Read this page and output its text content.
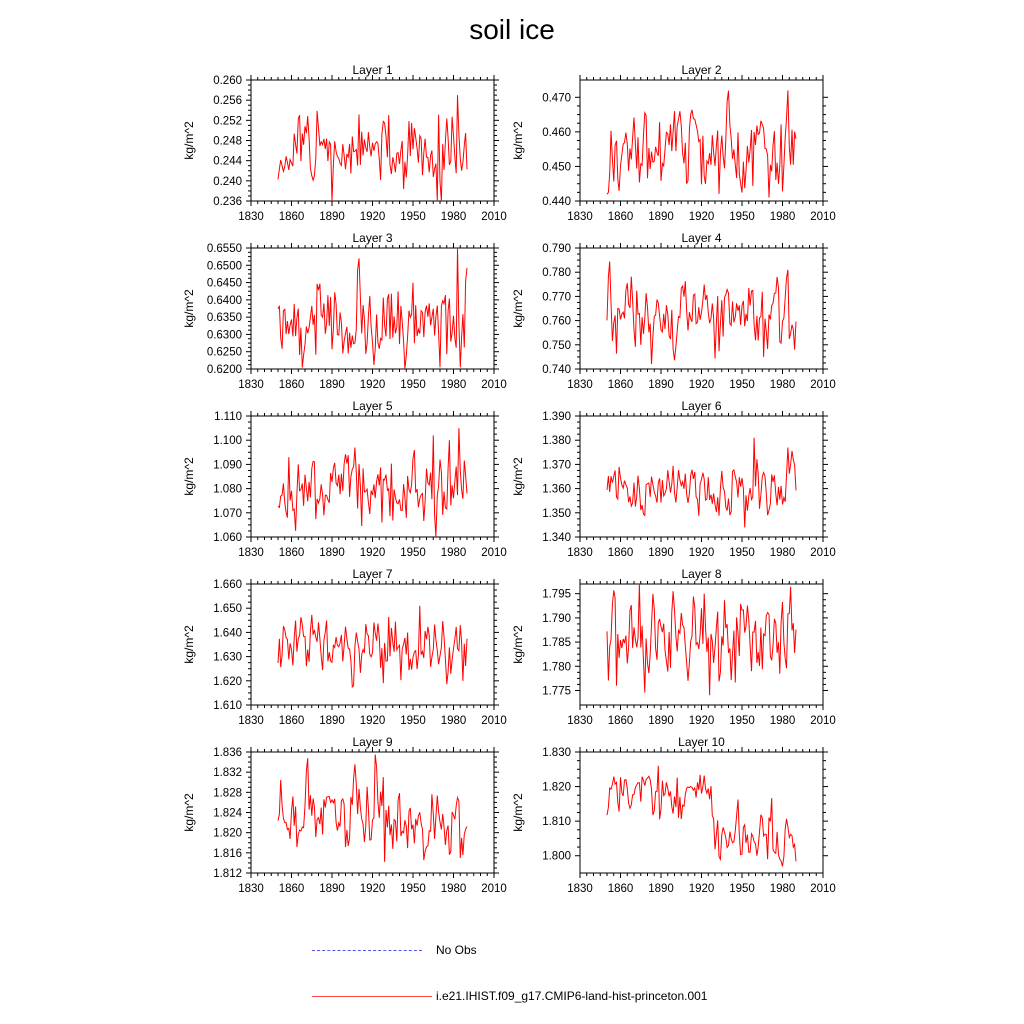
soil ice
Layer 1
kg/m^2
1830 1860 1890 1920 1950 1980 2010
0.236
0.240
0.244
0.248
0.252
0.256
0.260
Layer 2
kg/m^2
1830 1860 1890 1920 1950 1980 2010
0.440
0.450
0.460
0.470
Layer 3
kg/m^2
1830 1860 1890 1920 1950 1980 2010
0.6200
0.6250
0.6300
0.6350
0.6400
0.6450
0.6500
0.6550
Layer 4
kg/m^2
1830 1860 1890 1920 1950 1980 2010
0.740
0.750
0.760
0.770
0.780
0.790
Layer 5
kg/m^2
1830 1860 1890 1920 1950 1980 2010
1.060
1.070
1.080
1.090
1.100
1.110
Layer 6
kg/m^2
1830 1860 1890 1920 1950 1980 2010
1.340
1.350
1.360
1.370
1.380
1.390
Layer 7
kg/m^2
1830 1860 1890 1920 1950 1980 2010
1.610
1.620
1.630
1.640
1.650
1.660
Layer 8
kg/m^2
1830 1860 1890 1920 1950 1980 2010
1.775
1.780
1.785
1.790
1.795
Layer 9
kg/m^2
1830 1860 1890 1920 1950 1980 2010
1.812
1.816
1.820
1.824
1.828
1.832
1.836
Layer 10
kg/m^2
1830 1860 1890 1920 1950 1980 2010
1.800
1.810
1.820
1.830
No Obs
i.e21.IHIST.f09_g17.CMIP6-land-hist-princeton.001
